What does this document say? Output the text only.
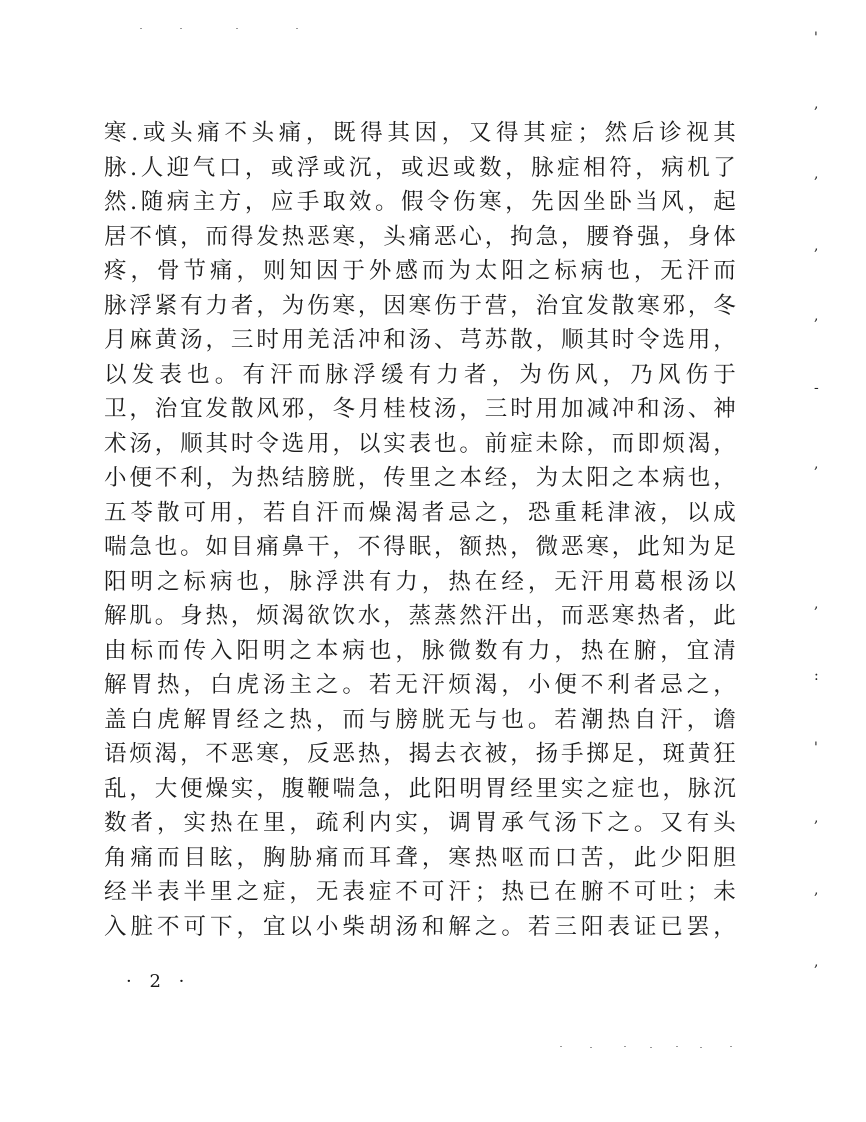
寒.或头痛不头痛，既得其因，又得其症；然后诊视其
脉.人迎气口，或浮或沉，或迟或数，脉症相符，病机了
然.随病主方，应手取效。假令伤寒，先因坐卧当风，起
居不慎，而得发热恶寒，头痛恶心，拘急，腰脊强，身体
疼，骨节痛，则知因于外感而为太阳之标病也，无汗而
脉浮紧有力者，为伤寒，因寒伤于营，治宜发散寒邪，冬
月麻黄汤，三时用羌活冲和汤、芎苏散，顺其时令选用，
以发表也。有汗而脉浮缓有力者，为伤风，乃风伤于
卫，治宜发散风邪，冬月桂枝汤，三时用加减冲和汤、神
术汤，顺其时令选用，以实表也。前症未除，而即烦渴，
小便不利，为热结膀胱，传里之本经，为太阳之本病也，
五苓散可用，若自汗而燥渴者忌之，恐重耗津液，以成
喘急也。如目痛鼻干，不得眠，额热，微恶寒，此知为足
阳明之标病也，脉浮洪有力，热在经，无汗用葛根汤以
解肌。身热，烦渴欲饮水，蒸蒸然汗出，而恶寒热者，此
由标而传入阳明之本病也，脉微数有力，热在腑，宜清
解胃热，白虎汤主之。若无汗烦渴，小便不利者忌之，
盖白虎解胃经之热，而与膀胱无与也。若潮热自汗，谵
语烦渴，不恶寒，反恶热，揭去衣被，扬手掷足，斑黄狂
乱，大便燥实，腹鞭喘急，此阳明胃经里实之症也，脉沉
数者，实热在里，疏利内实，调胃承气汤下之。又有头
角痛而目眩，胸胁痛而耳聋，寒热呕而口苦，此少阳胆
经半表半里之症，无表症不可汗；热已在腑不可吐；未
入脏不可下，宜以小柴胡汤和解之。若三阳表证已罢，
· 2 ·
'
,
,
,
,
-
,
,
:
'
,
,
,
